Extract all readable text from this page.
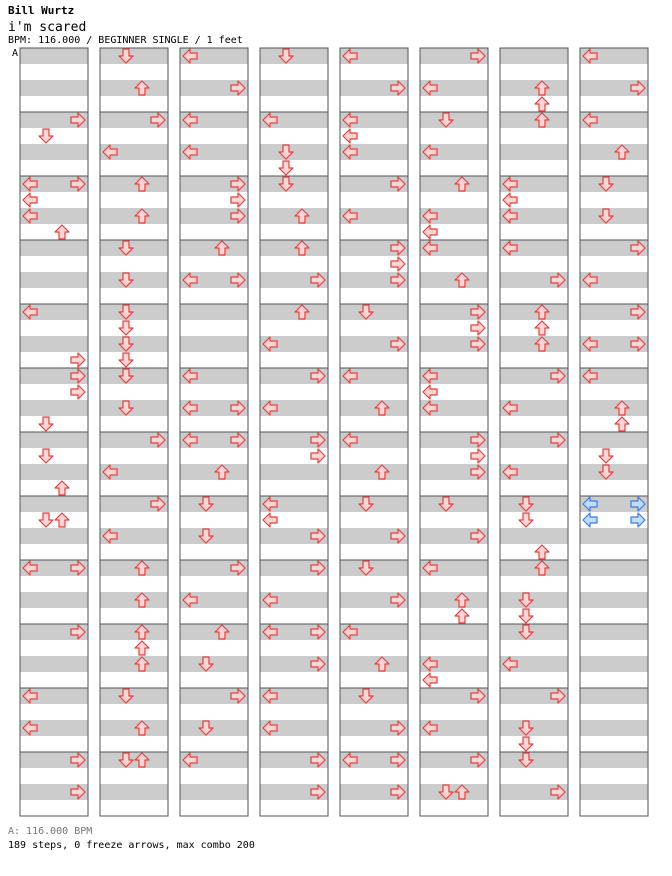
Bill Wurtz
i'm scared
BPM: 116.000 / BEGINNER SINGLE / 1 feet
A
A: 116.000 BPM
189 steps, 0 freeze arrows, max combo 200
